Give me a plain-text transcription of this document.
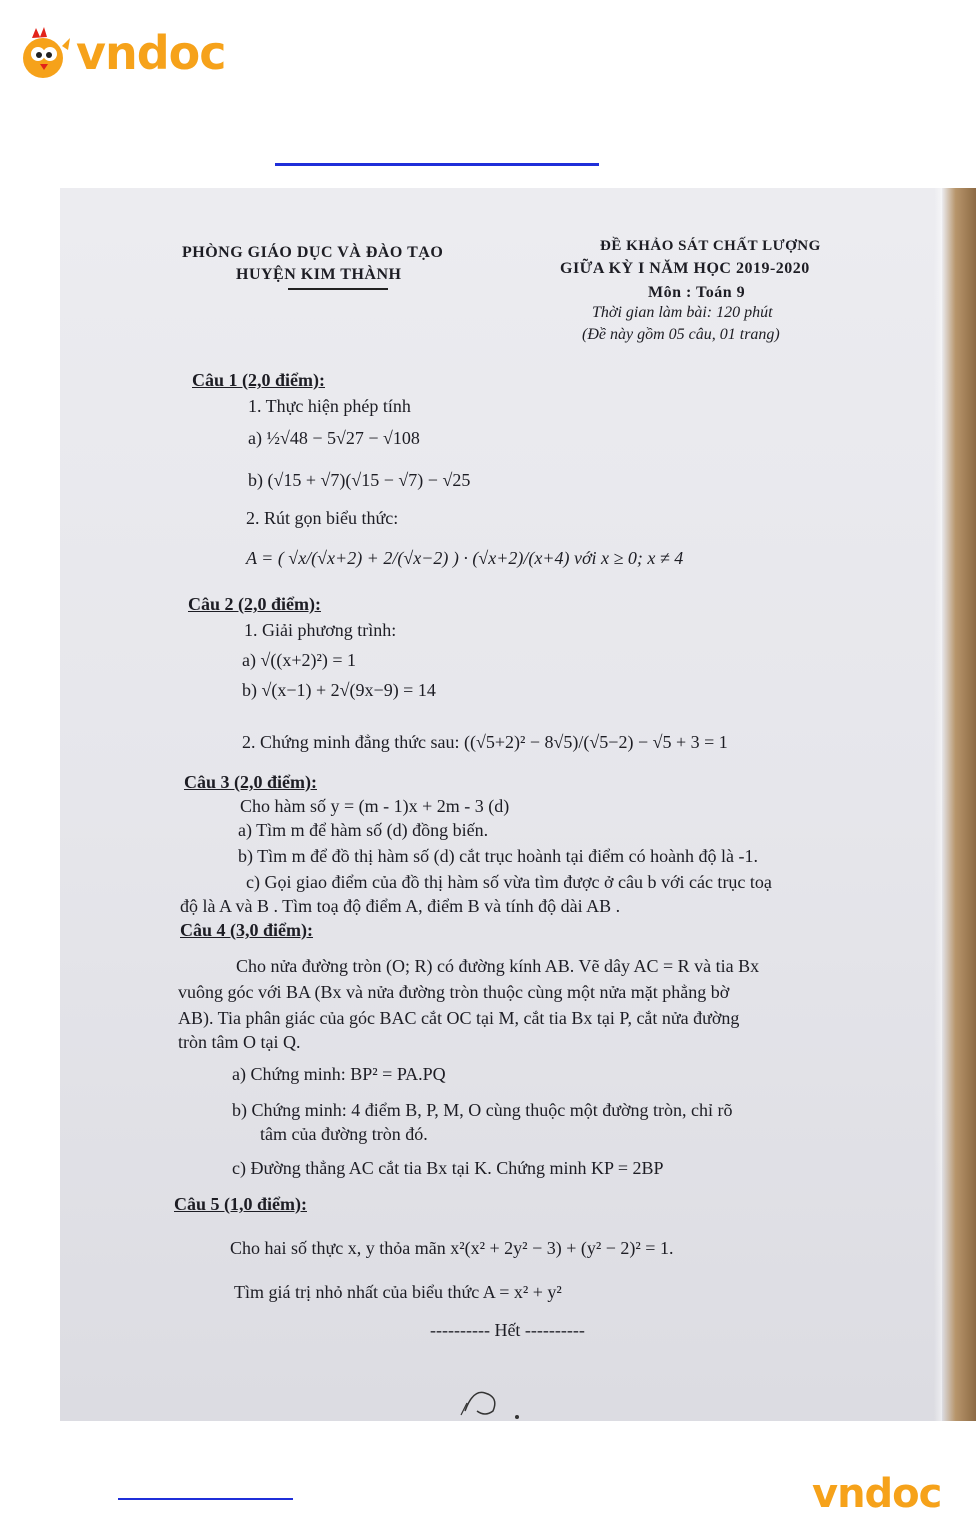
vndoc
PHÒNG GIÁO DỤC VÀ ĐÀO TẠO
HUYỆN KIM THÀNH
ĐỀ KHẢO SÁT CHẤT LƯỢNG
GIỮA KỲ I NĂM HỌC 2019-2020
Môn : Toán 9
Thời gian làm bài: 120 phút
(Đề này gồm 05 câu, 01 trang)
Câu 1 (2,0 điểm):
1. Thực hiện phép tính
a) ½√48 − 5√27 − √108
b) (√15 + √7)(√15 − √7) − √25
2. Rút gọn biểu thức:
A = ( √x/(√x+2) + 2/(√x−2) ) · (√x+2)/(x+4) với x ≥ 0; x ≠ 4
Câu 2 (2,0 điểm):
1. Giải phương trình:
a) √((x+2)²) = 1
b) √(x−1) + 2√(9x−9) = 14
2. Chứng minh đẳng thức sau: ((√5+2)² − 8√5)/(√5−2) − √5 + 3 = 1
Câu 3 (2,0 điểm):
Cho hàm số y = (m - 1)x + 2m - 3 (d)
a) Tìm m để hàm số (d) đồng biến.
b) Tìm m để đồ thị hàm số (d) cắt trục hoành tại điểm có hoành độ là -1.
c) Gọi giao điểm của đồ thị hàm số vừa tìm được ở câu b với các trục toạ
độ là A và B . Tìm toạ độ điểm A, điểm B và tính độ dài AB .
Câu 4 (3,0 điểm):
Cho nửa đường tròn (O; R) có đường kính AB. Vẽ dây AC = R và tia Bx
vuông góc với BA (Bx và nửa đường tròn thuộc cùng một nửa mặt phẳng bờ
AB). Tia phân giác của góc BAC cắt OC tại M, cắt tia Bx tại P, cắt nửa đường
tròn tâm O tại Q.
a) Chứng minh: BP² = PA.PQ
b) Chứng minh: 4 điểm B, P, M, O cùng thuộc một đường tròn, chỉ rõ
tâm của đường tròn đó.
c) Đường thẳng AC cắt tia Bx tại K. Chứng minh KP = 2BP
Câu 5 (1,0 điểm):
Cho hai số thực x, y thỏa mãn x²(x² + 2y² − 3) + (y² − 2)² = 1.
Tìm giá trị nhỏ nhất của biểu thức A = x² + y²
---------- Hết ----------
vndoc
